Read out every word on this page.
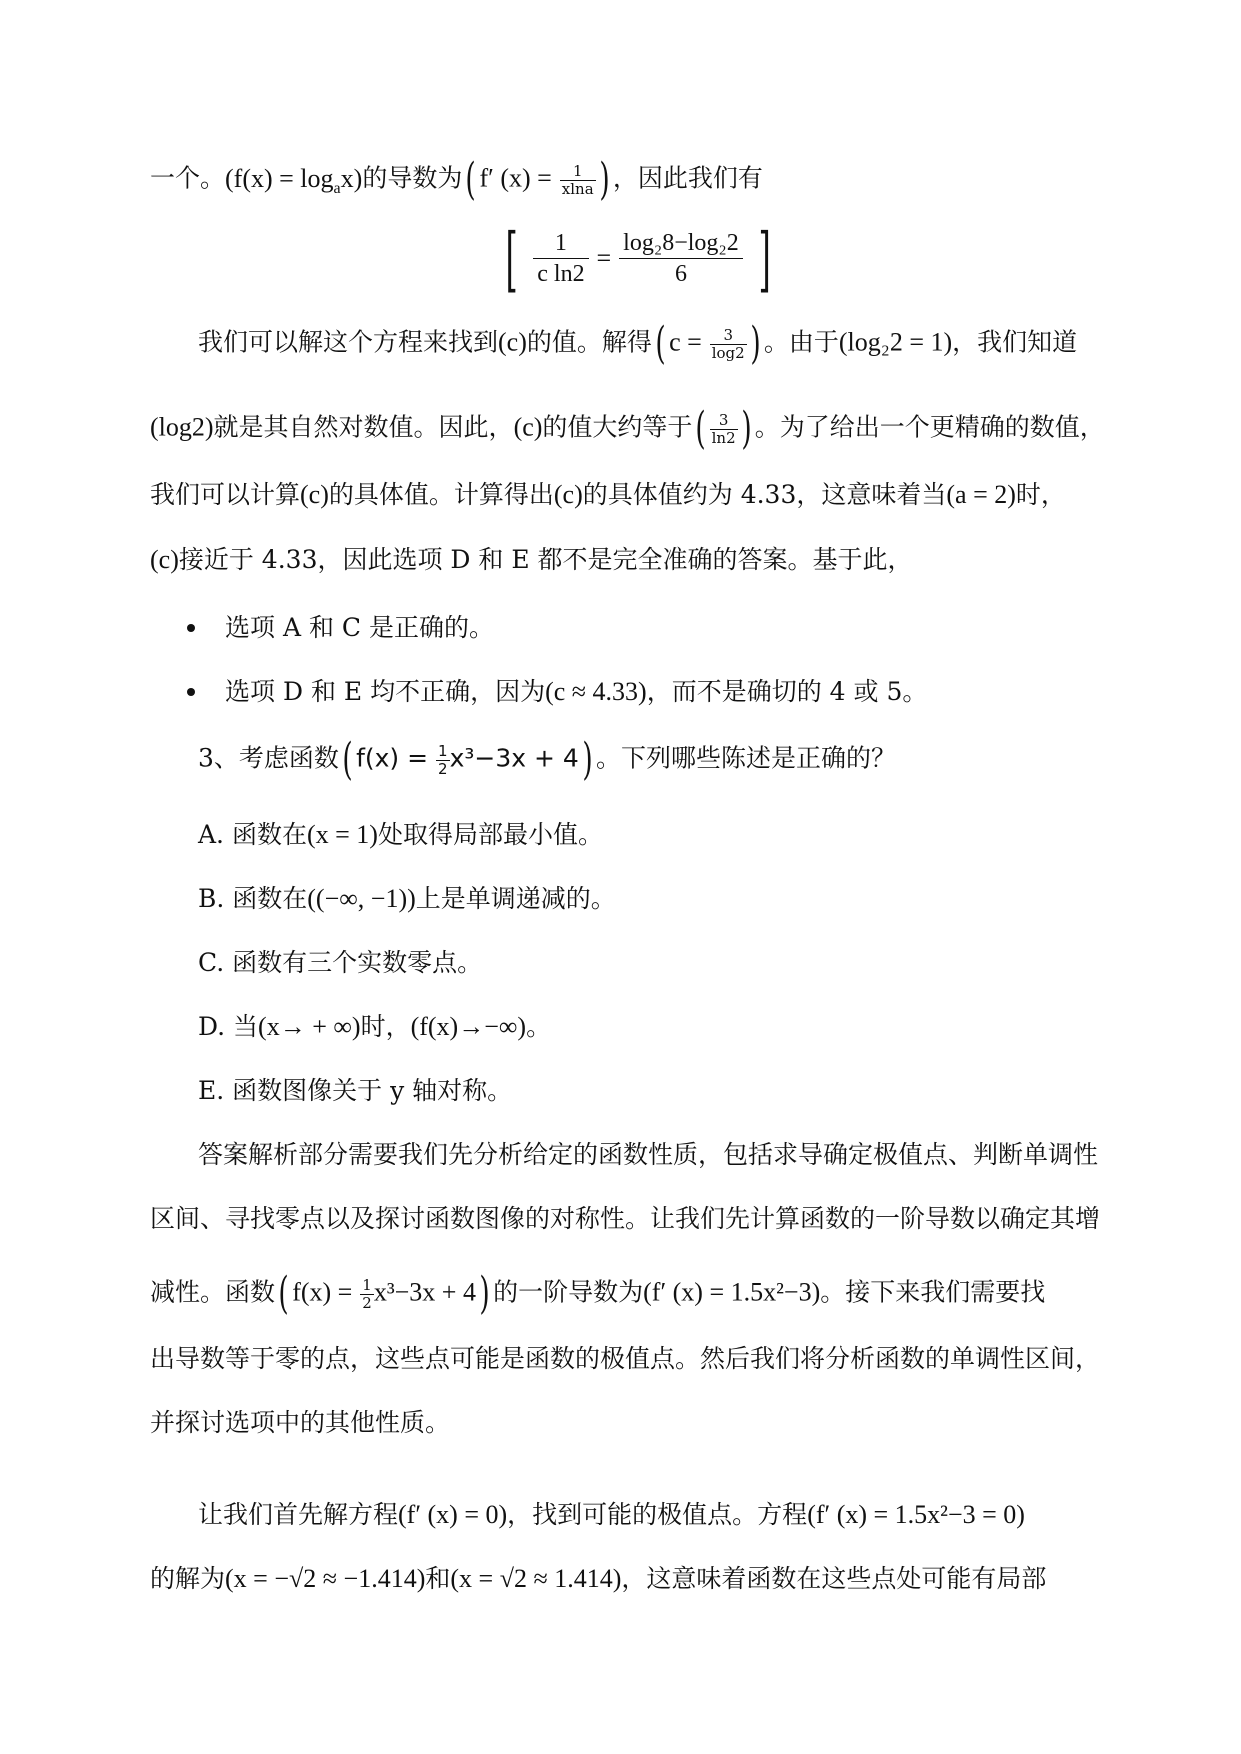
一个。$(f(x) = \log_ax)$的导数为( f′ $(x) = \frac{1}{xlna}$ ) ，因此我们有
[ $\frac{1}{\text{c ln2}} = \frac{\text{log₂8−log₂2}}{6}$ ]
我们可以解这个方程来找到(c)的值。解得( $c = \frac{3}{\log 2}$ ) 。由于(log₂2 = 1)，我们知道
(log2)就是其自然对数值。因此，(c)的值大约等于( $\frac{3}{\ln 2}$ ) 。为了给出一个更精确的数值，
我们可以计算(c)的具体值。计算得出(c)的具体值约为 4.33，这意味着当(a = 2)时，
(c)接近于 4.33，因此选项 D 和 E 都不是完全准确的答案。基于此，
选项 A 和 C 是正确的。
选项 D 和 E 均不正确，因为(c ≈ 4.33)，而不是确切的 4 或 5。
3、考虑函数( $f(x) = \frac{1}{2} x^3-3x + 4$) 。下列哪些陈述是正确的？
A. 函数在(x = 1)处取得局部最小值。
B. 函数在((−∞, −1))上是单调递减的。
C. 函数有三个实数零点。
D. 当(x→ + ∞)时，(f(x)→−∞)。
E. 函数图像关于 y 轴对称。
答案解析部分需要我们先分析给定的函数性质，包括求导确定极值点、判断单调性
区间、寻找零点以及探讨函数图像的对称性。让我们先计算函数的一阶导数以确定其增
减性。函数( $f(x) = \frac{1}{2} x^3-3x + 4$) 的一阶导数为(f′ (x) = 1.5x²−3)。接下来我们需要找
出导数等于零的点，这些点可能是函数的极值点。然后我们将分析函数的单调性区间，
并探讨选项中的其他性质。
让我们首先解方程(f′ (x) = 0)，找到可能的极值点。方程(f′ (x) = 1.5x²−3 = 0)
的解为(x = −√2 ≈ −1.414)和(x = √2 ≈ 1.414)，这意味着函数在这些点处可能有局部
